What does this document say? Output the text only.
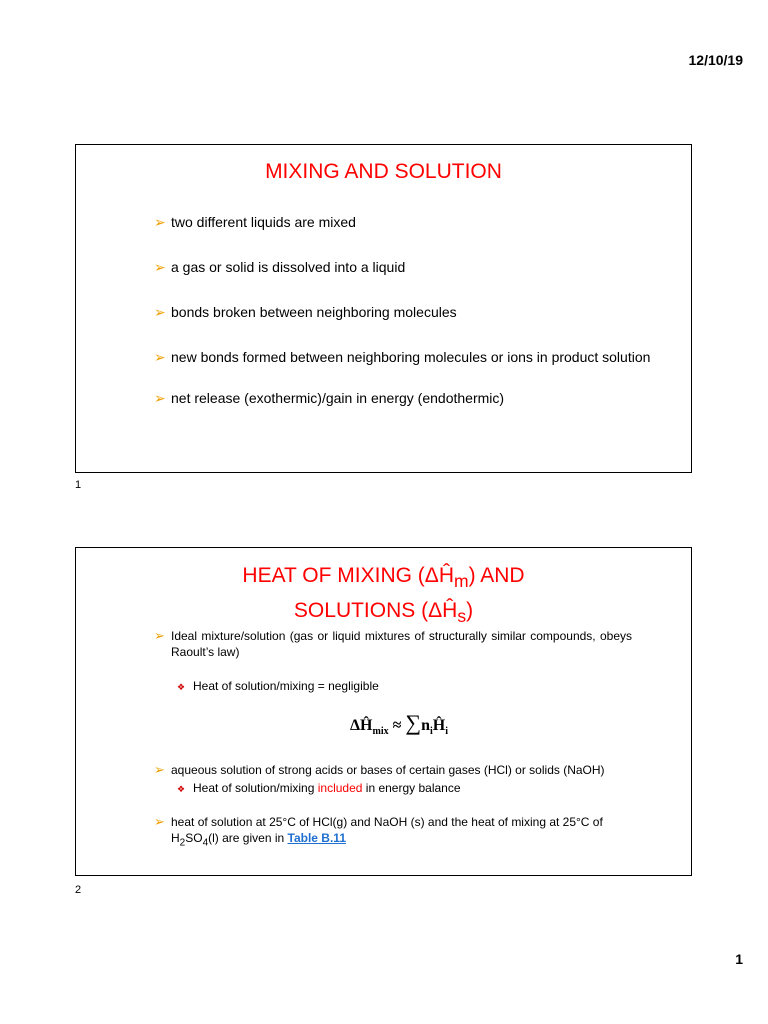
12/10/19
MIXING AND SOLUTION
➢ two different liquids are mixed
➢ a gas or solid is dissolved into a liquid
➢ bonds broken between neighboring molecules
➢ new bonds formed between neighboring molecules or ions in product solution
➢ net release (exothermic)/gain in energy (endothermic)
1
HEAT OF MIXING $(\Delta Ĥ_m)$ AND
SOLUTIONS $(\Delta Ĥ_s)$
➢ Ideal mixture/solution (gas or liquid mixtures of structurally similar compounds, obeys Raoult’s law)
❖ Heat of solution/mixing = negligible
$\Delta Ĥ_{mix}$ ≈ $\sum n_iĤ_i$
➢ aqueous solution of strong acids or bases of certain gases (HCl) or solids (NaOH)
❖ Heat of solution/mixing included in energy balance
➢ heat of solution at 25°C of HCl(g) and NaOH (s) and the heat of mixing at 25°C of $H_2SO_4(l)$ are given in Table B.11
2
1
